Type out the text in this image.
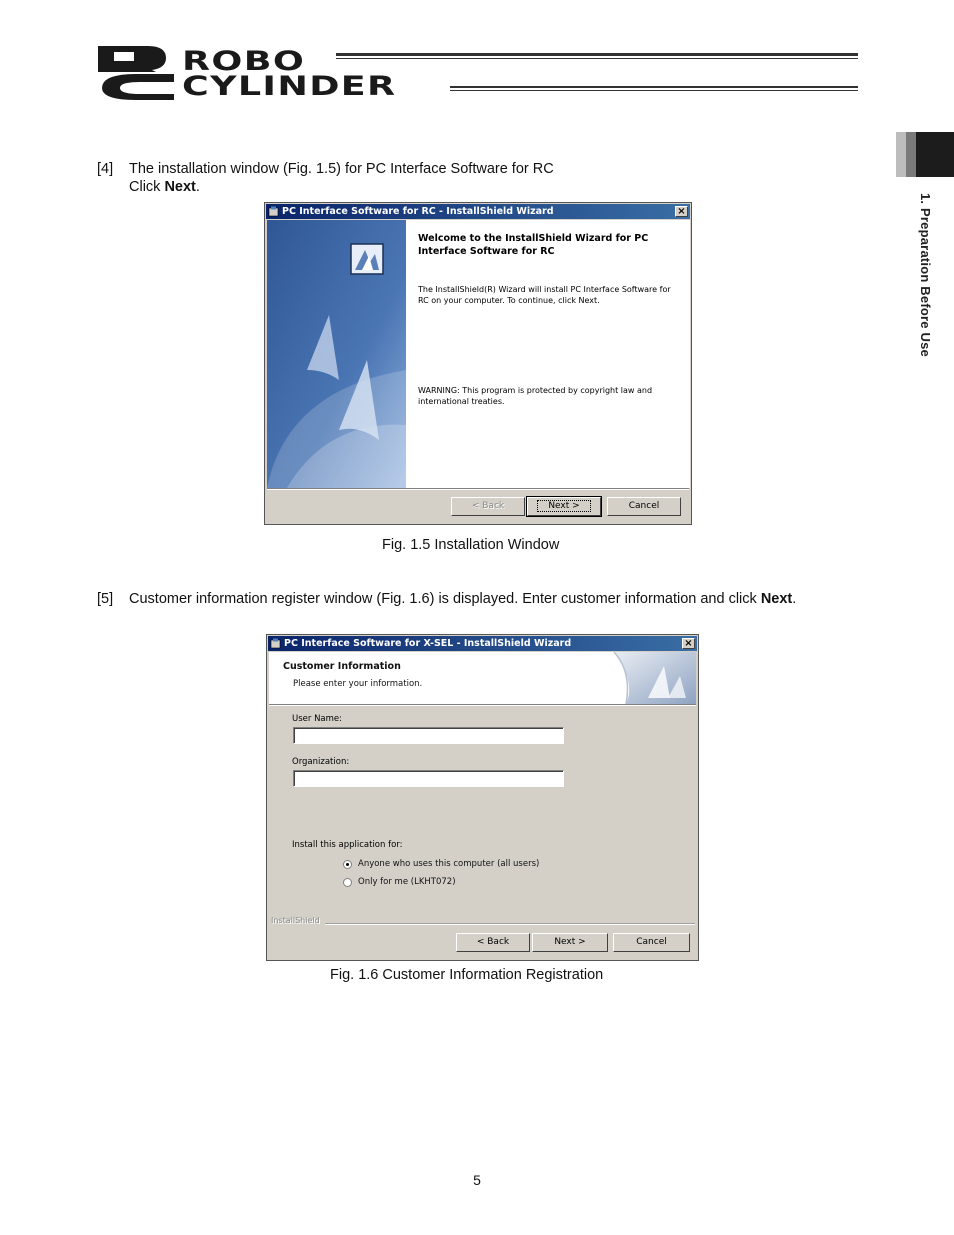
ROBO
CYLINDER
1. Preparation Before Use
[4] The installation window (Fig. 1.5) for PC Interface Software for RC
Click Next.
PC Interface Software for RC - InstallShield Wizard	×
Welcome to the InstallShield Wizard for PC Interface Software for RC
The InstallShield(R) Wizard will install PC Interface Software for RC on your computer. To continue, click Next.
WARNING: This program is protected by copyright law and international treaties.
< Back	Next >	Cancel
Fig. 1.5 Installation Window
[5] Customer information register window (Fig. 1.6) is displayed. Enter customer information and click Next.
PC Interface Software for X-SEL - InstallShield Wizard	×
Customer Information
Please enter your information.
User Name:
Organization:
Install this application for:
Anyone who uses this computer (all users)
Only for me (LKHT072)
InstallShield
< Back	Next >	Cancel
Fig. 1.6 Customer Information Registration
5
